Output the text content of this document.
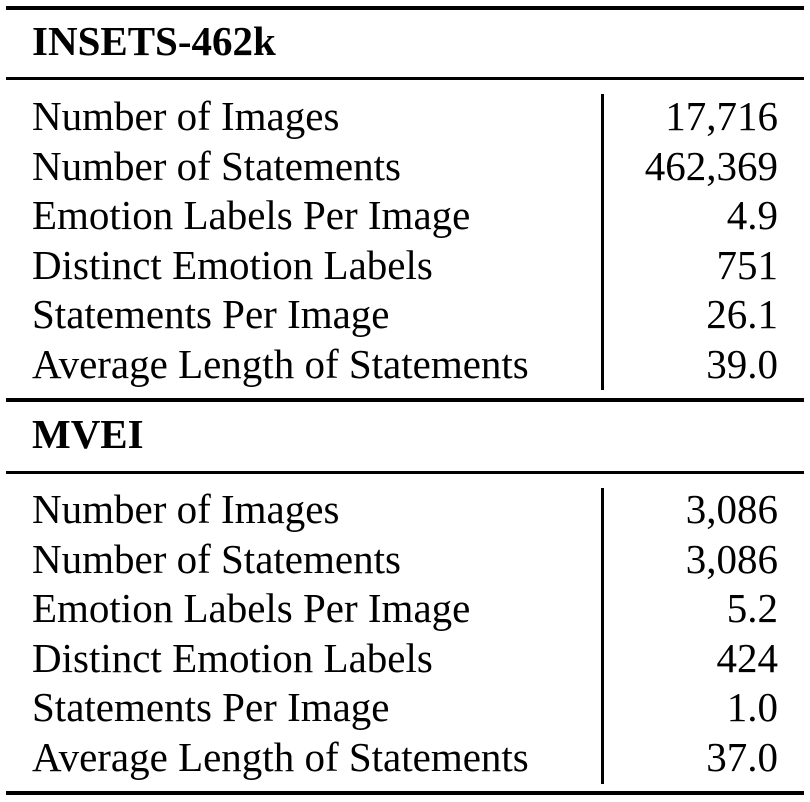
INSETS-462k
Number of Images	17,716
Number of Statements	462,369
Emotion Labels Per Image	4.9
Distinct Emotion Labels	751
Statements Per Image	26.1
Average Length of Statements	39.0
MVEI
Number of Images	3,086
Number of Statements	3,086
Emotion Labels Per Image	5.2
Distinct Emotion Labels	424
Statements Per Image	1.0
Average Length of Statements	37.0
